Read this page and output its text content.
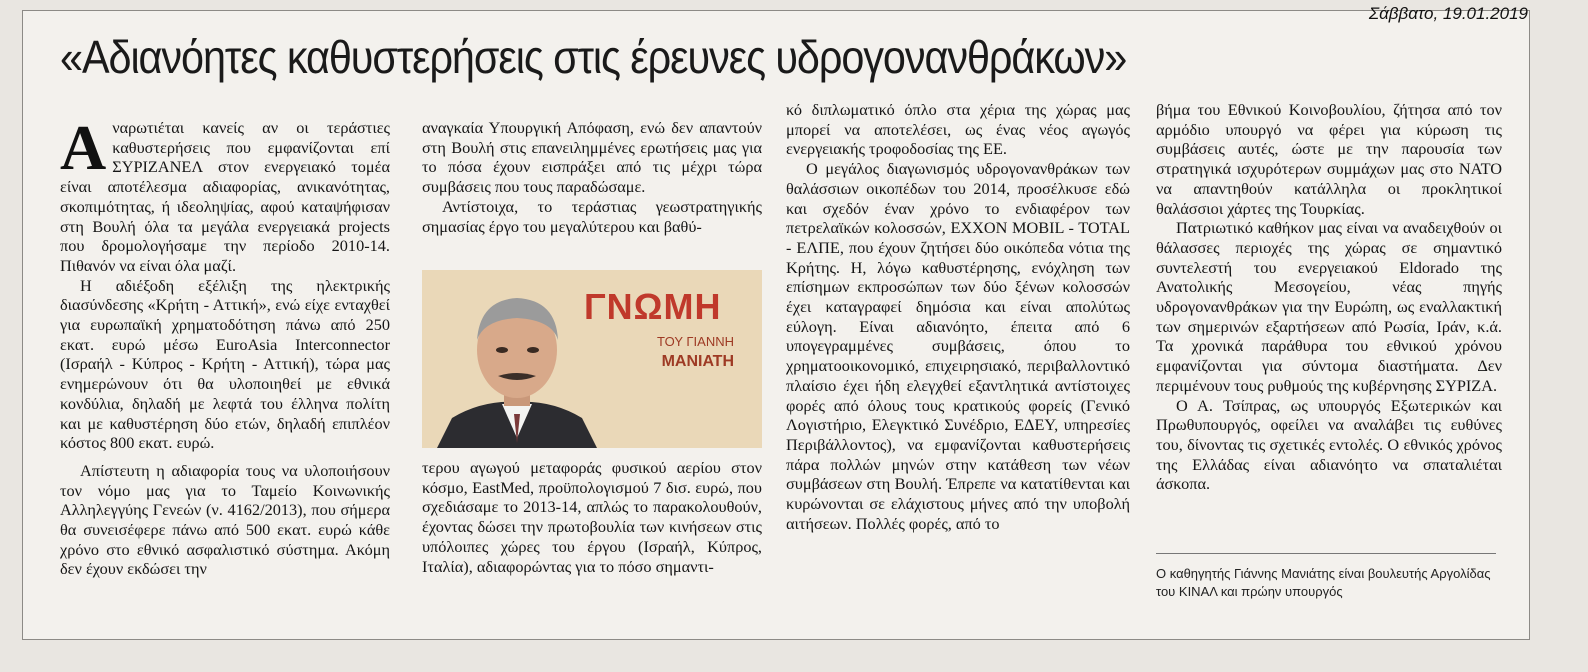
Σάββατο, 19.01.2019
«Αδιανόητες καθυστερήσεις στις έρευνες υδρογονανθράκων»

Αναρωτιέται κανείς αν οι τεράστιες καθυστερήσεις που εμφανίζονται επί ΣΥΡΙΖΑΝΕΛ στον ενεργειακό τομέα είναι αποτέλεσμα αδιαφορίας, ανικανότητας, σκοπιμότητας, ή ιδεοληψίας, αφού καταψήφισαν στη Βουλή όλα τα μεγάλα ενεργειακά projects που δρομολογήσαμε την περίοδο 2010-14. Πιθανόν να είναι όλα μαζί.

Η αδιέξοδη εξέλιξη της ηλεκτρικής διασύνδεσης «Κρήτη - Αττική», ενώ είχε ενταχθεί για ευρωπαϊκή χρηματοδότηση πάνω από 250 εκατ. ευρώ μέσω EuroAsia Interconnector (Ισραήλ - Κύπρος - Κρήτη - Αττική), τώρα μας ενημερώνουν ότι θα υλοποιηθεί με εθνικά κονδύλια, δηλαδή με λεφτά του έλληνα πολίτη και με καθυστέρηση δύο ετών, δηλαδή επιπλέον κόστος 800 εκατ. ευρώ.

Απίστευτη η αδιαφορία τους να υλοποιήσουν τον νόμο μας για το Ταμείο Κοινωνικής Αλληλεγγύης Γενεών (ν. 4162/2013), που σήμερα θα συνεισέφερε πάνω από 500 εκατ. ευρώ κάθε χρόνο στο εθνικό ασφαλιστικό σύστημα. Ακόμη δεν έχουν εκδώσει την

αναγκαία Υπουργική Απόφαση, ενώ δεν απαντούν στη Βουλή στις επανειλημμένες ερωτήσεις μας για το πόσα έχουν εισπράξει από τις μέχρι τώρα συμβάσεις που τους παραδώσαμε.

Αντίστοιχα, το τεράστιας γεωστρατηγικής σημασίας έργο του μεγαλύτερου και βαθύ-

ΓΝΩΜΗ
ΤΟΥ ΓΙΑΝΝΗ
ΜΑΝΙΑΤΗ

τερου αγωγού μεταφοράς φυσικού αερίου στον κόσμο, EastMed, προϋπολογισμού 7 δισ. ευρώ, που σχεδιάσαμε το 2013-14, απλώς το παρακολουθούν, έχοντας δώσει την πρωτοβουλία των κινήσεων στις υπόλοιπες χώρες του έργου (Ισραήλ, Κύπρος, Ιταλία), αδιαφορώντας για το πόσο σημαντι-

κό διπλωματικό όπλο στα χέρια της χώρας μας μπορεί να αποτελέσει, ως ένας νέος αγωγός ενεργειακής τροφοδοσίας της ΕΕ.

Ο μεγάλος διαγωνισμός υδρογονανθράκων των θαλάσσιων οικοπέδων του 2014, προσέλκυσε εδώ και σχεδόν έναν χρόνο το ενδιαφέρον των πετρελαϊκών κολοσσών, EXXON MOBIL - TOTAL - ΕΛΠΕ, που έχουν ζητήσει δύο οικόπεδα νότια της Κρήτης. Η, λόγω καθυστέρησης, ενόχληση των επίσημων εκπροσώπων των δύο ξένων κολοσσών έχει καταγραφεί δημόσια και είναι απολύτως εύλογη. Είναι αδιανόητο, έπειτα από 6 υπογεγραμμένες συμβάσεις, όπου το χρηματοοικονομικό, επιχειρησιακό, περιβαλλοντικό πλαίσιο έχει ήδη ελεγχθεί εξαντλητικά αντίστοιχες φορές από όλους τους κρατικούς φορείς (Γενικό Λογιστήριο, Ελεγκτικό Συνέδριο, ΕΔΕΥ, υπηρεσίες Περιβάλλοντος), να εμφανίζονται καθυστερήσεις πάρα πολλών μηνών στην κατάθεση των νέων συμβάσεων στη Βουλή. Έπρεπε να κατατίθενται και κυρώνονται σε ελάχιστους μήνες από την υποβολή αιτήσεων. Πολλές φορές, από το

βήμα του Εθνικού Κοινοβουλίου, ζήτησα από τον αρμόδιο υπουργό να φέρει για κύρωση τις συμβάσεις αυτές, ώστε με την παρουσία των στρατηγικά ισχυρότερων συμμάχων μας στο ΝΑΤΟ να απαντηθούν κατάλληλα οι προκλητικοί θαλάσσιοι χάρτες της Τουρκίας.

Πατριωτικό καθήκον μας είναι να αναδειχθούν οι θάλασσες περιοχές της χώρας σε σημαντικό συντελεστή του ενεργειακού Eldorado της Ανατολικής Μεσογείου, νέας πηγής υδρογονανθράκων για την Ευρώπη, ως εναλλακτική των σημερινών εξαρτήσεων από Ρωσία, Ιράν, κ.ά. Τα χρονικά παράθυρα του εθνικού χρόνου εμφανίζονται για σύντομα διαστήματα. Δεν περιμένουν τους ρυθμούς της κυβέρνησης ΣΥΡΙΖΑ.

Ο Α. Τσίπρας, ως υπουργός Εξωτερικών και Πρωθυπουργός, οφείλει να αναλάβει τις ευθύνες του, δίνοντας τις σχετικές εντολές. Ο εθνικός χρόνος της Ελλάδας είναι αδιανόητο να σπαταλιέται άσκοπα.

Ο καθηγητής Γιάννης Μανιάτης είναι βουλευτής Αργολίδας του ΚΙΝΑΛ και πρώην υπουργός
